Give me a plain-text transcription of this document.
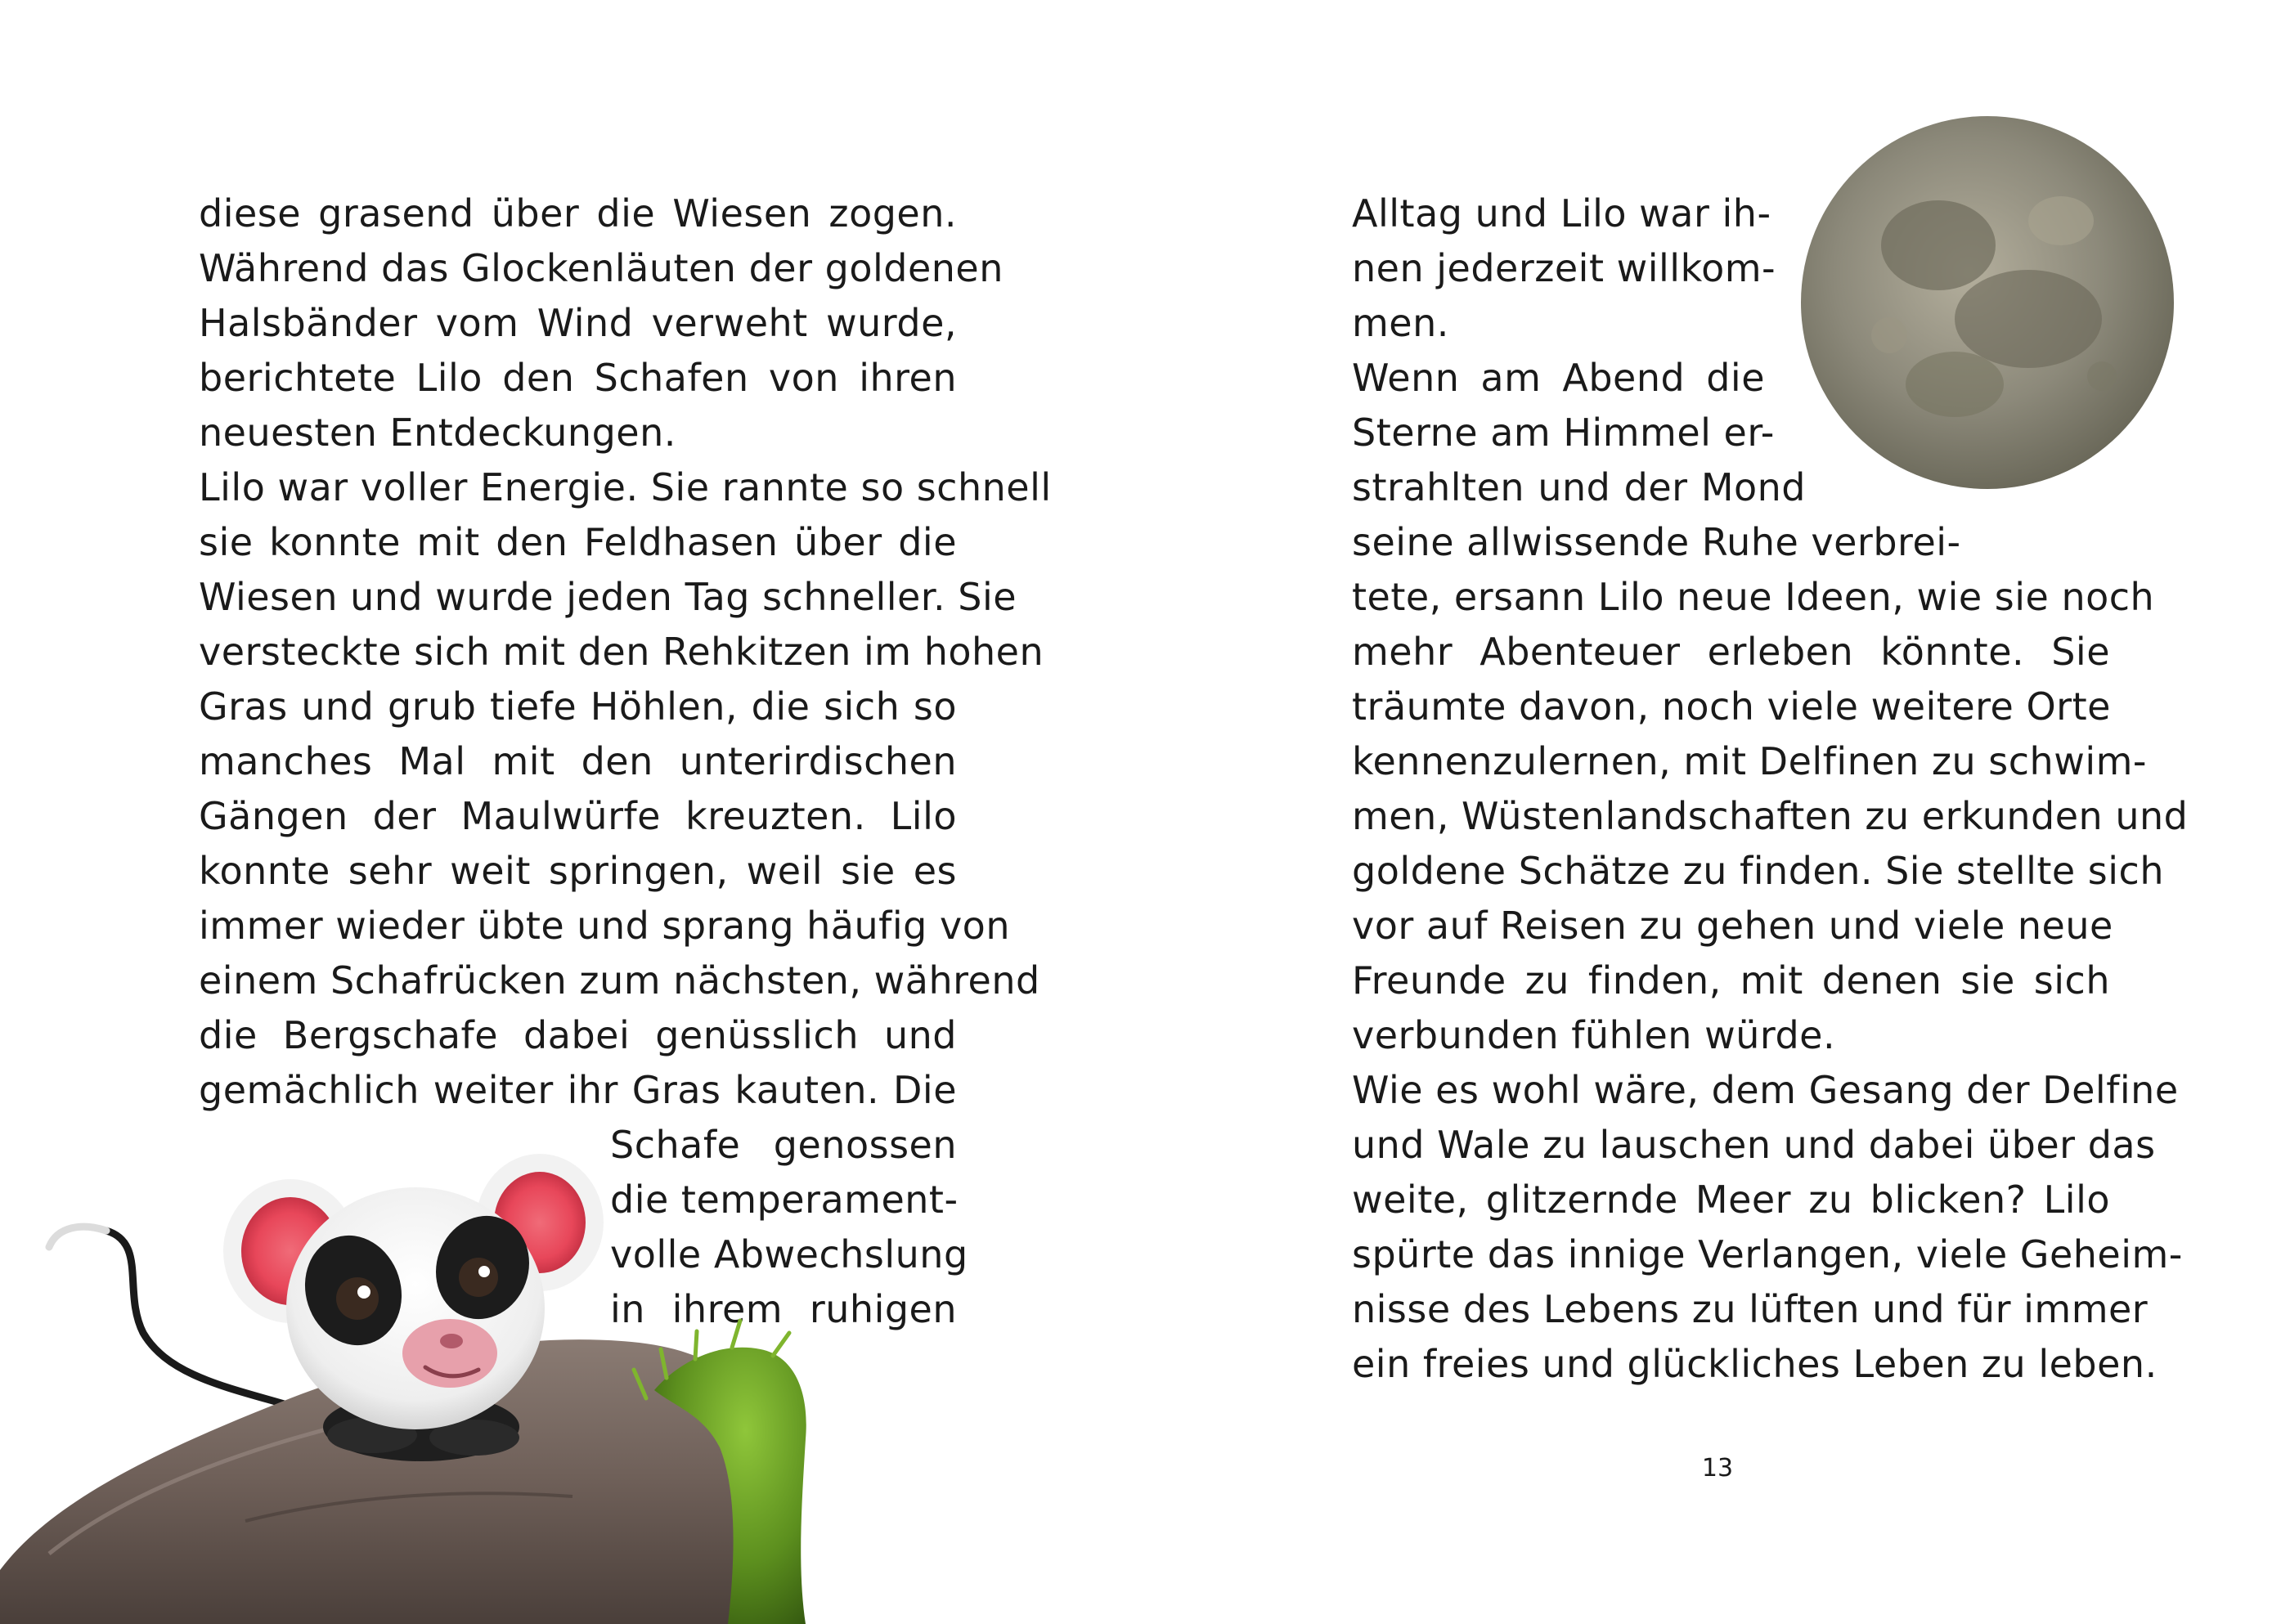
diese grasend über die Wiesen zogen.
Während das Glockenläuten der goldenen
Halsbänder vom Wind verweht wurde,
berichtete Lilo den Schafen von ihren
neuesten Entdeckungen.
Lilo war voller Energie. Sie rannte so schnell
sie konnte mit den Feldhasen über die
Wiesen und wurde jeden Tag schneller. Sie
versteckte sich mit den Rehkitzen im hohen
Gras und grub tiefe Höhlen, die sich so
manches Mal mit den unterirdischen
Gängen der Maulwürfe kreuzten. Lilo
konnte sehr weit springen, weil sie es
immer wieder übte und sprang häufig von
einem Schafrücken zum nächsten, während
die Bergschafe dabei genüsslich und
gemächlich weiter ihr Gras kauten. Die
Schafe genossen
die temperament-
volle Abwechslung
in ihrem ruhigen
Alltag und Lilo war ih-
nen jederzeit willkom-
men.
Wenn am Abend die
Sterne am Himmel er-
strahlten und der Mond
seine allwissende Ruhe verbrei-
tete, ersann Lilo neue Ideen, wie sie noch
mehr Abenteuer erleben könnte. Sie
träumte davon, noch viele weitere Orte
kennenzulernen, mit Delfinen zu schwim-
men, Wüstenlandschaften zu erkunden und
goldene Schätze zu finden. Sie stellte sich
vor auf Reisen zu gehen und viele neue
Freunde zu finden, mit denen sie sich
verbunden fühlen würde.
Wie es wohl wäre, dem Gesang der Delfine
und Wale zu lauschen und dabei über das
weite, glitzernde Meer zu blicken? Lilo
spürte das innige Verlangen, viele Geheim-
nisse des Lebens zu lüften und für immer
ein freies und glückliches Leben zu leben.
13
